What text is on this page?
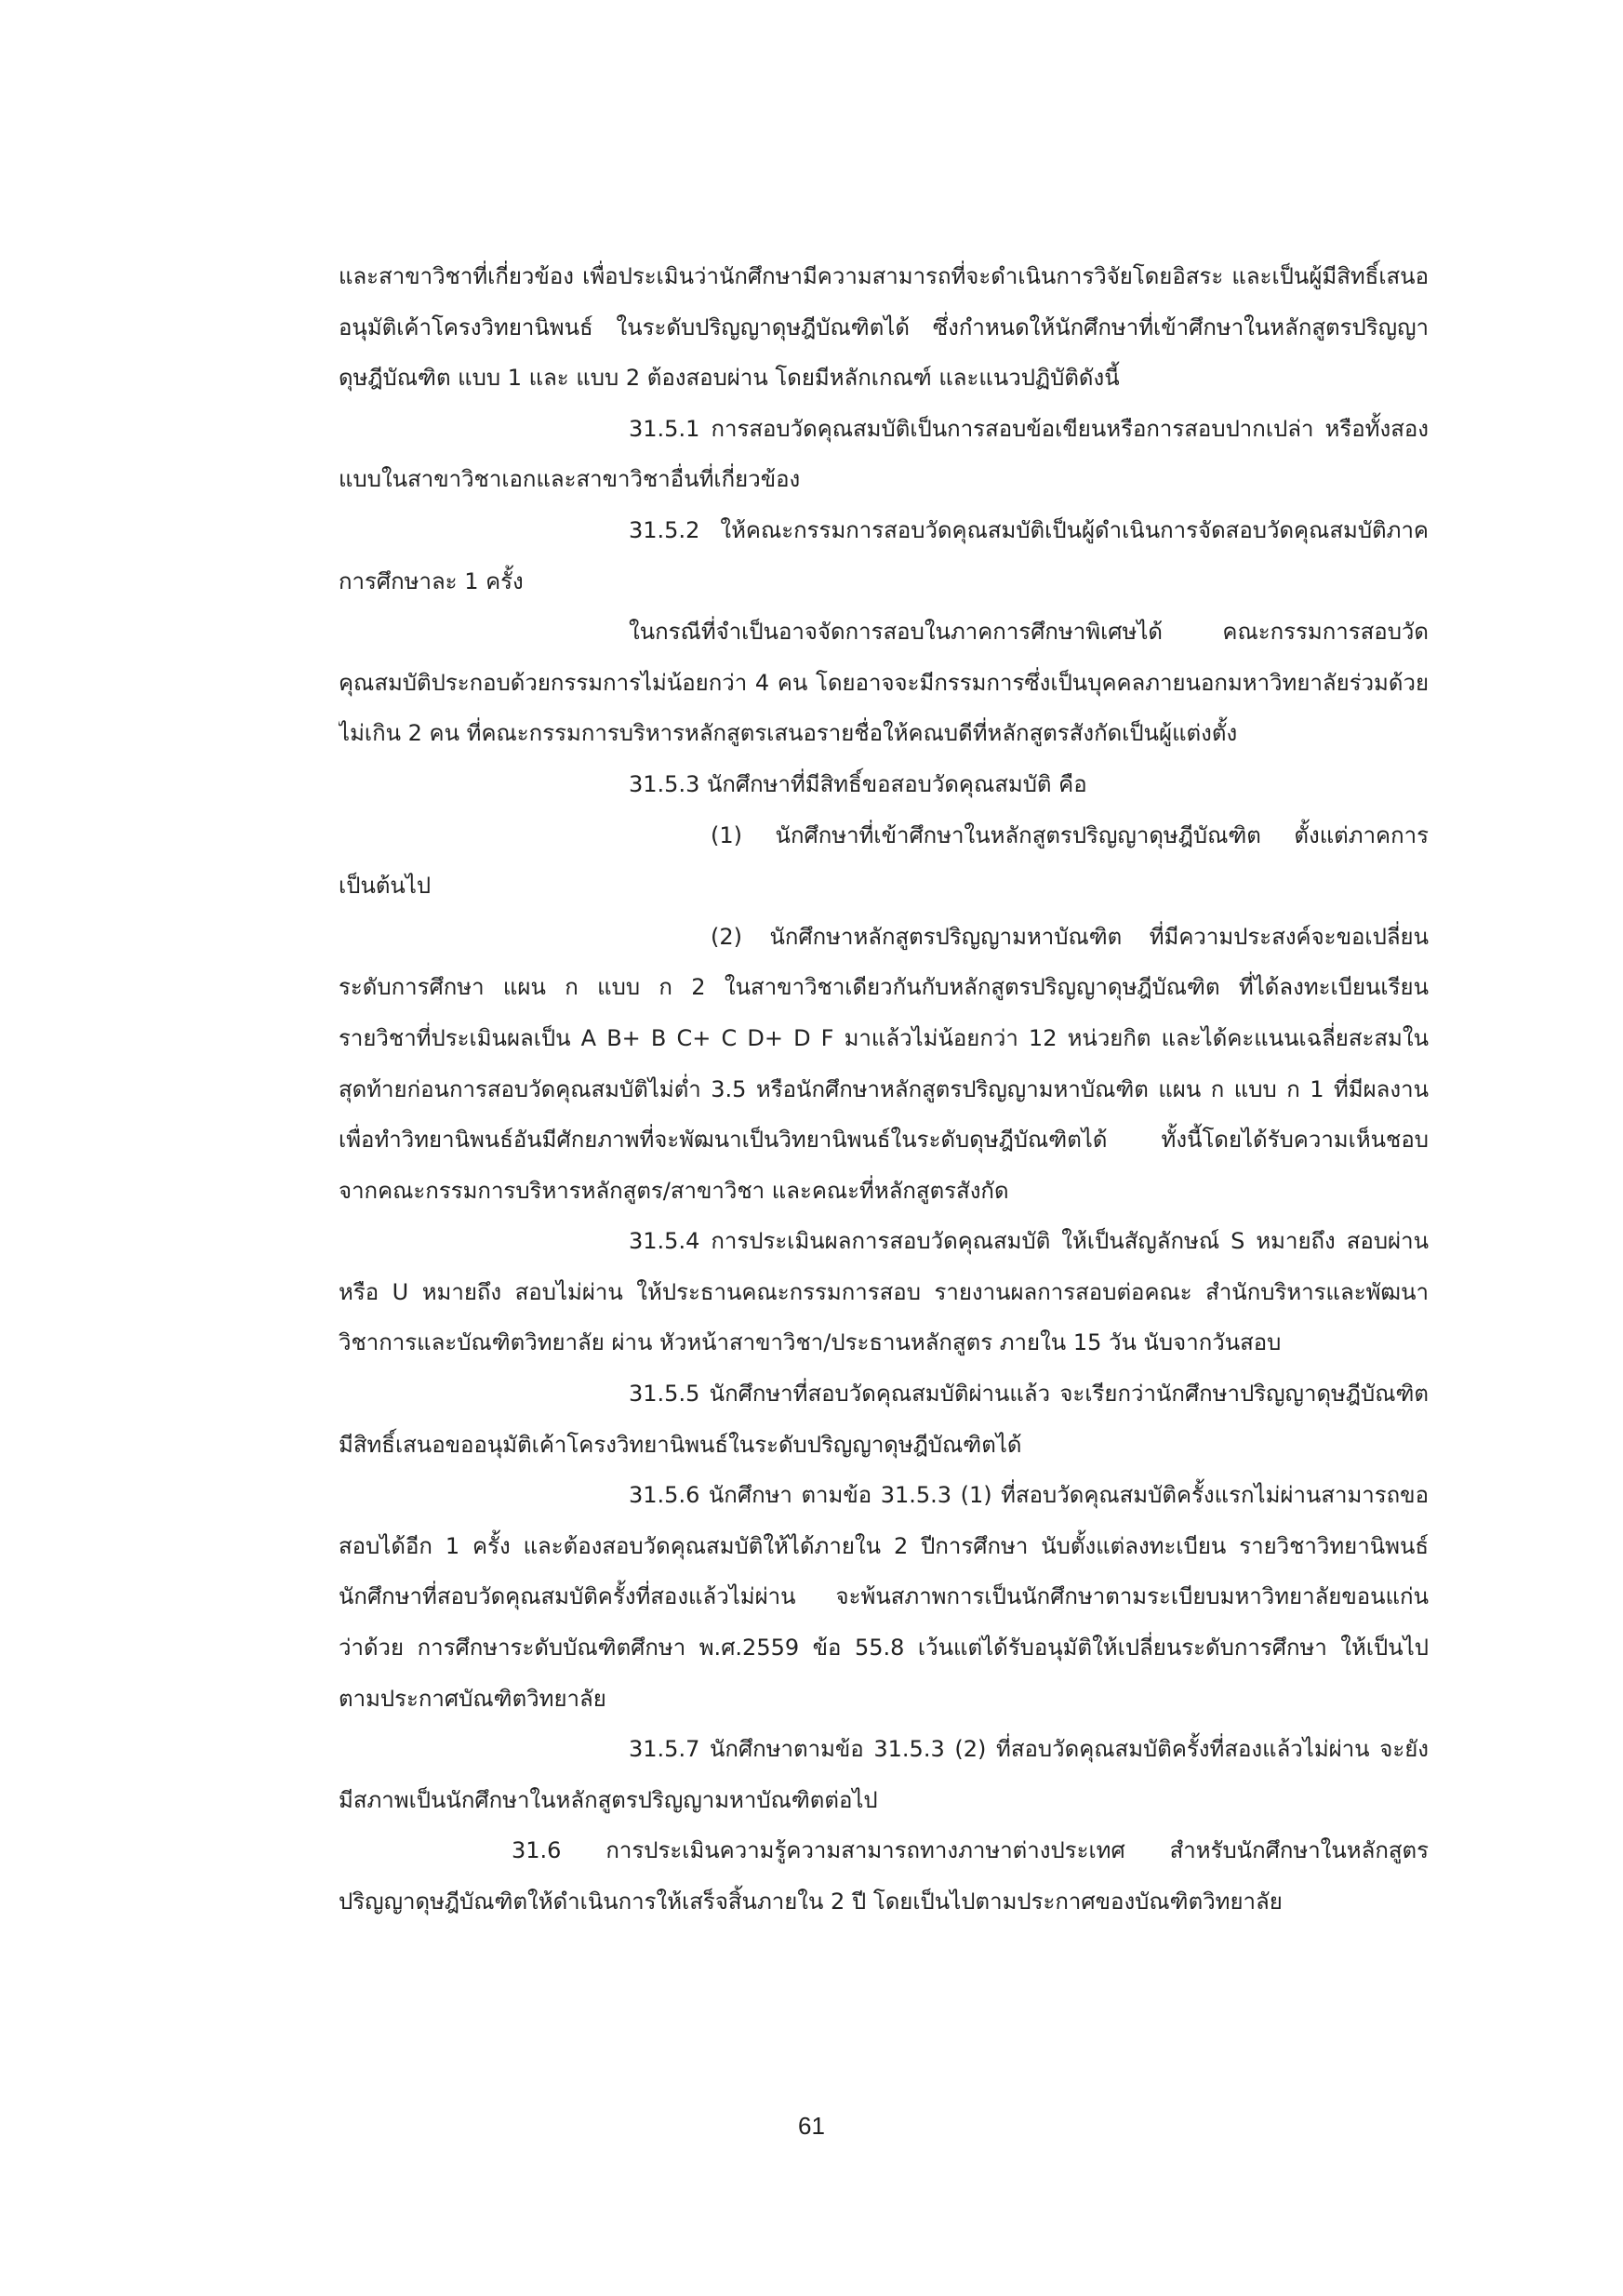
และสาขาวิชาที่เกี่ยวข้อง เพื่อประเมินว่านักศึกษามีความสามารถที่จะดำเนินการวิจัยโดยอิสระ และเป็นผู้มีสิทธิ์เสนอ
อนุมัติเค้าโครงวิทยานิพนธ์ ในระดับปริญญาดุษฎีบัณฑิตได้ ซึ่งกำหนดให้นักศึกษาที่เข้าศึกษาในหลักสูตรปริญญา
ดุษฎีบัณฑิต แบบ 1 และ แบบ 2 ต้องสอบผ่าน โดยมีหลักเกณฑ์ และแนวปฏิบัติดังนี้
31.5.1 การสอบวัดคุณสมบัติเป็นการสอบข้อเขียนหรือการสอบปากเปล่า หรือทั้งสอง
แบบในสาขาวิชาเอกและสาขาวิชาอื่นที่เกี่ยวข้อง
31.5.2 ให้คณะกรรมการสอบวัดคุณสมบัติเป็นผู้ดำเนินการจัดสอบวัดคุณสมบัติภาค
การศึกษาละ 1 ครั้ง
ในกรณีที่จำเป็นอาจจัดการสอบในภาคการศึกษาพิเศษได้ คณะกรรมการสอบวัด
คุณสมบัติประกอบด้วยกรรมการไม่น้อยกว่า 4 คน โดยอาจจะมีกรรมการซึ่งเป็นบุคคลภายนอกมหาวิทยาลัยร่วมด้วย
ไม่เกิน 2 คน ที่คณะกรรมการบริหารหลักสูตรเสนอรายชื่อให้คณบดีที่หลักสูตรสังกัดเป็นผู้แต่งตั้ง
31.5.3 นักศึกษาที่มีสิทธิ์ขอสอบวัดคุณสมบัติ คือ
(1) นักศึกษาที่เข้าศึกษาในหลักสูตรปริญญาดุษฎีบัณฑิต ตั้งแต่ภาคการ
เป็นต้นไป
(2) นักศึกษาหลักสูตรปริญญามหาบัณฑิต ที่มีความประสงค์จะขอเปลี่ยน
ระดับการศึกษา แผน ก แบบ ก 2 ในสาขาวิชาเดียวกันกับหลักสูตรปริญญาดุษฎีบัณฑิต ที่ได้ลงทะเบียนเรียน
รายวิชาที่ประเมินผลเป็น A B+ B C+ C D+ D F มาแล้วไม่น้อยกว่า 12 หน่วยกิต และได้คะแนนเฉลี่ยสะสมใน
สุดท้ายก่อนการสอบวัดคุณสมบัติไม่ต่ำ 3.5 หรือนักศึกษาหลักสูตรปริญญามหาบัณฑิต แผน ก แบบ ก 1 ที่มีผลงาน
เพื่อทำวิทยานิพนธ์อันมีศักยภาพที่จะพัฒนาเป็นวิทยานิพนธ์ในระดับดุษฎีบัณฑิตได้ ทั้งนี้โดยได้รับความเห็นชอบ
จากคณะกรรมการบริหารหลักสูตร/สาขาวิชา และคณะที่หลักสูตรสังกัด
31.5.4 การประเมินผลการสอบวัดคุณสมบัติ ให้เป็นสัญลักษณ์ S หมายถึง สอบผ่าน
หรือ U หมายถึง สอบไม่ผ่าน ให้ประธานคณะกรรมการสอบ รายงานผลการสอบต่อคณะ สำนักบริหารและพัฒนา
วิชาการและบัณฑิตวิทยาลัย ผ่าน หัวหน้าสาขาวิชา/ประธานหลักสูตร ภายใน 15 วัน นับจากวันสอบ
31.5.5 นักศึกษาที่สอบวัดคุณสมบัติผ่านแล้ว จะเรียกว่านักศึกษาปริญญาดุษฎีบัณฑิต
มีสิทธิ์เสนอขออนุมัติเค้าโครงวิทยานิพนธ์ในระดับปริญญาดุษฎีบัณฑิตได้
31.5.6 นักศึกษา ตามข้อ 31.5.3 (1) ที่สอบวัดคุณสมบัติครั้งแรกไม่ผ่านสามารถขอ
สอบได้อีก 1 ครั้ง และต้องสอบวัดคุณสมบัติให้ได้ภายใน 2 ปีการศึกษา นับตั้งแต่ลงทะเบียน รายวิชาวิทยานิพนธ์
นักศึกษาที่สอบวัดคุณสมบัติครั้งที่สองแล้วไม่ผ่าน จะพ้นสภาพการเป็นนักศึกษาตามระเบียบมหาวิทยาลัยขอนแก่น
ว่าด้วย การศึกษาระดับบัณฑิตศึกษา พ.ศ.2559 ข้อ 55.8 เว้นแต่ได้รับอนุมัติให้เปลี่ยนระดับการศึกษา ให้เป็นไป
ตามประกาศบัณฑิตวิทยาลัย
31.5.7 นักศึกษาตามข้อ 31.5.3 (2) ที่สอบวัดคุณสมบัติครั้งที่สองแล้วไม่ผ่าน จะยัง
มีสภาพเป็นนักศึกษาในหลักสูตรปริญญามหาบัณฑิตต่อไป
31.6 การประเมินความรู้ความสามารถทางภาษาต่างประเทศ สำหรับนักศึกษาในหลักสูตร
ปริญญาดุษฎีบัณฑิตให้ดำเนินการให้เสร็จสิ้นภายใน 2 ปี โดยเป็นไปตามประกาศของบัณฑิตวิทยาลัย
61
